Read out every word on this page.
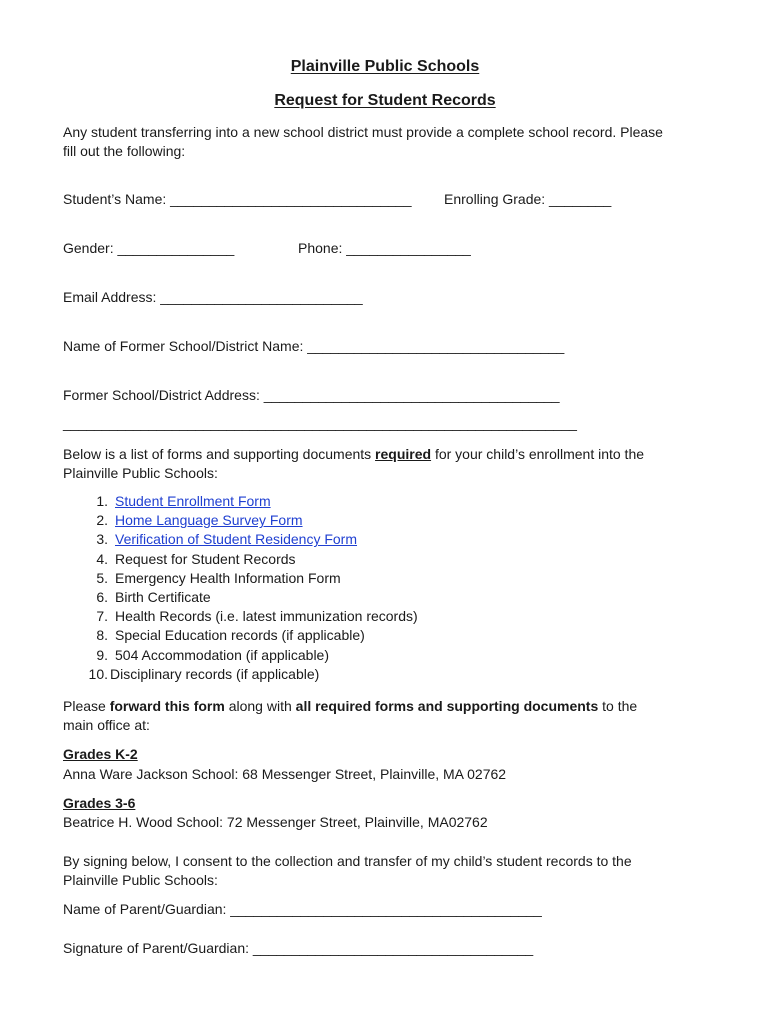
Plainville Public Schools
Request for Student Records
Any student transferring into a new school district must provide a complete school record. Please
fill out the following:
Student’s Name: _______________________________ Enrolling Grade: ________
Gender: _______________	Phone: ________________
Email Address: __________________________
Name of Former School/District Name: _________________________________
Former School/District Address: ______________________________________
__________________________________________________________________
Below is a list of forms and supporting documents required for your child’s enrollment into the
Plainville Public Schools:
1. Student Enrollment Form
2. Home Language Survey Form
3. Verification of Student Residency Form
4. Request for Student Records
5. Emergency Health Information Form
6. Birth Certificate
7. Health Records (i.e. latest immunization records)
8. Special Education records (if applicable)
9. 504 Accommodation (if applicable)
10. Disciplinary records (if applicable)
Please forward this form along with all required forms and supporting documents to the
main office at:
Grades K-2
Anna Ware Jackson School: 68 Messenger Street, Plainville, MA 02762
Grades 3-6
Beatrice H. Wood School: 72 Messenger Street, Plainville, MA02762
By signing below, I consent to the collection and transfer of my child’s student records to the
Plainville Public Schools:
Name of Parent/Guardian: ________________________________________
Signature of Parent/Guardian: ____________________________________
